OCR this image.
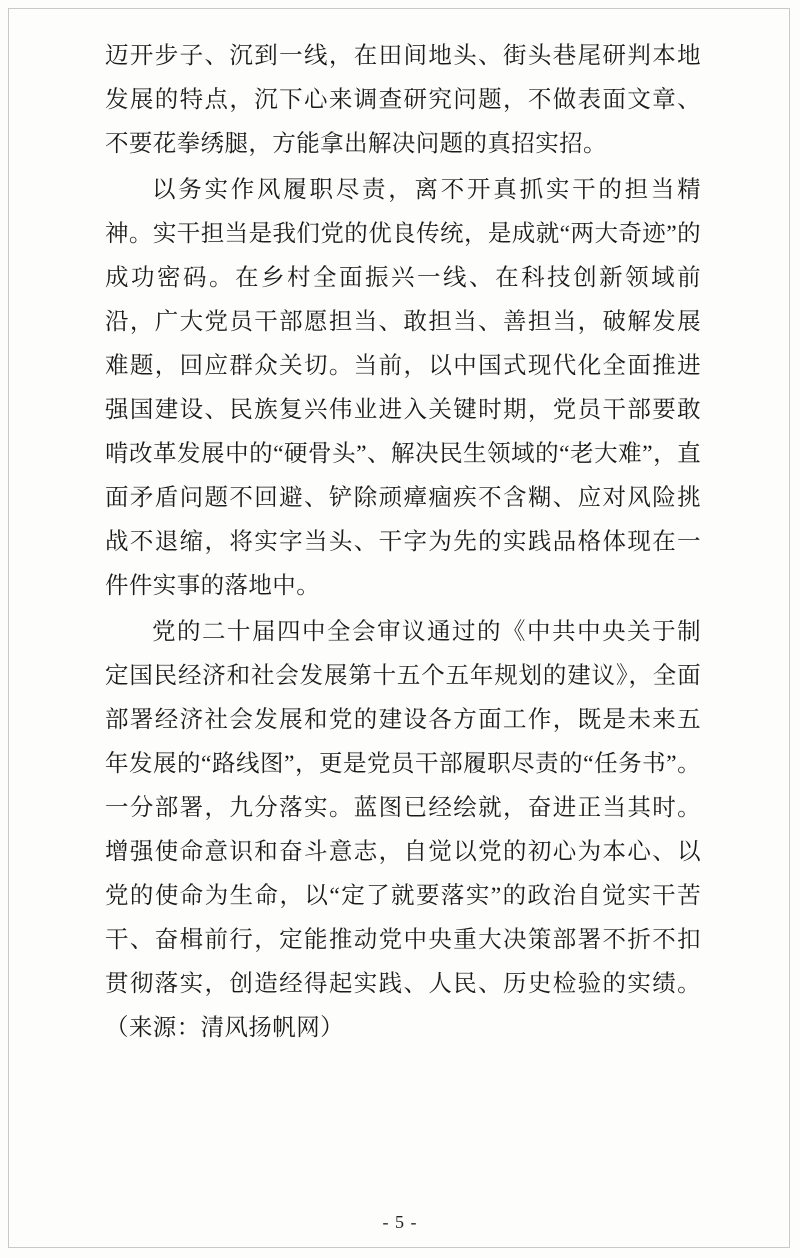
迈开步子、沉到一线，在田间地头、街头巷尾研判本地发展的特点，沉下心来调查研究问题，不做表面文章、不要花拳绣腿，方能拿出解决问题的真招实招。

以务实作风履职尽责，离不开真抓实干的担当精神。实干担当是我们党的优良传统，是成就“两大奇迹”的成功密码。在乡村全面振兴一线、在科技创新领域前沿，广大党员干部愿担当、敢担当、善担当，破解发展难题，回应群众关切。当前，以中国式现代化全面推进强国建设、民族复兴伟业进入关键时期，党员干部要敢啃改革发展中的“硬骨头”、解决民生领域的“老大难”，直面矛盾问题不回避、铲除顽瘴痼疾不含糊、应对风险挑战不退缩，将实字当头、干字为先的实践品格体现在一件件实事的落地中。

党的二十届四中全会审议通过的《中共中央关于制定国民经济和社会发展第十五个五年规划的建议》，全面部署经济社会发展和党的建设各方面工作，既是未来五年发展的“路线图”，更是党员干部履职尽责的“任务书”。一分部署，九分落实。蓝图已经绘就，奋进正当其时。增强使命意识和奋斗意志，自觉以党的初心为本心、以党的使命为生命，以“定了就要落实”的政治自觉实干苦干、奋楫前行，定能推动党中央重大决策部署不折不扣贯彻落实，创造经得起实践、人民、历史检验的实绩。（来源：清风扬帆网）

- 5 -
